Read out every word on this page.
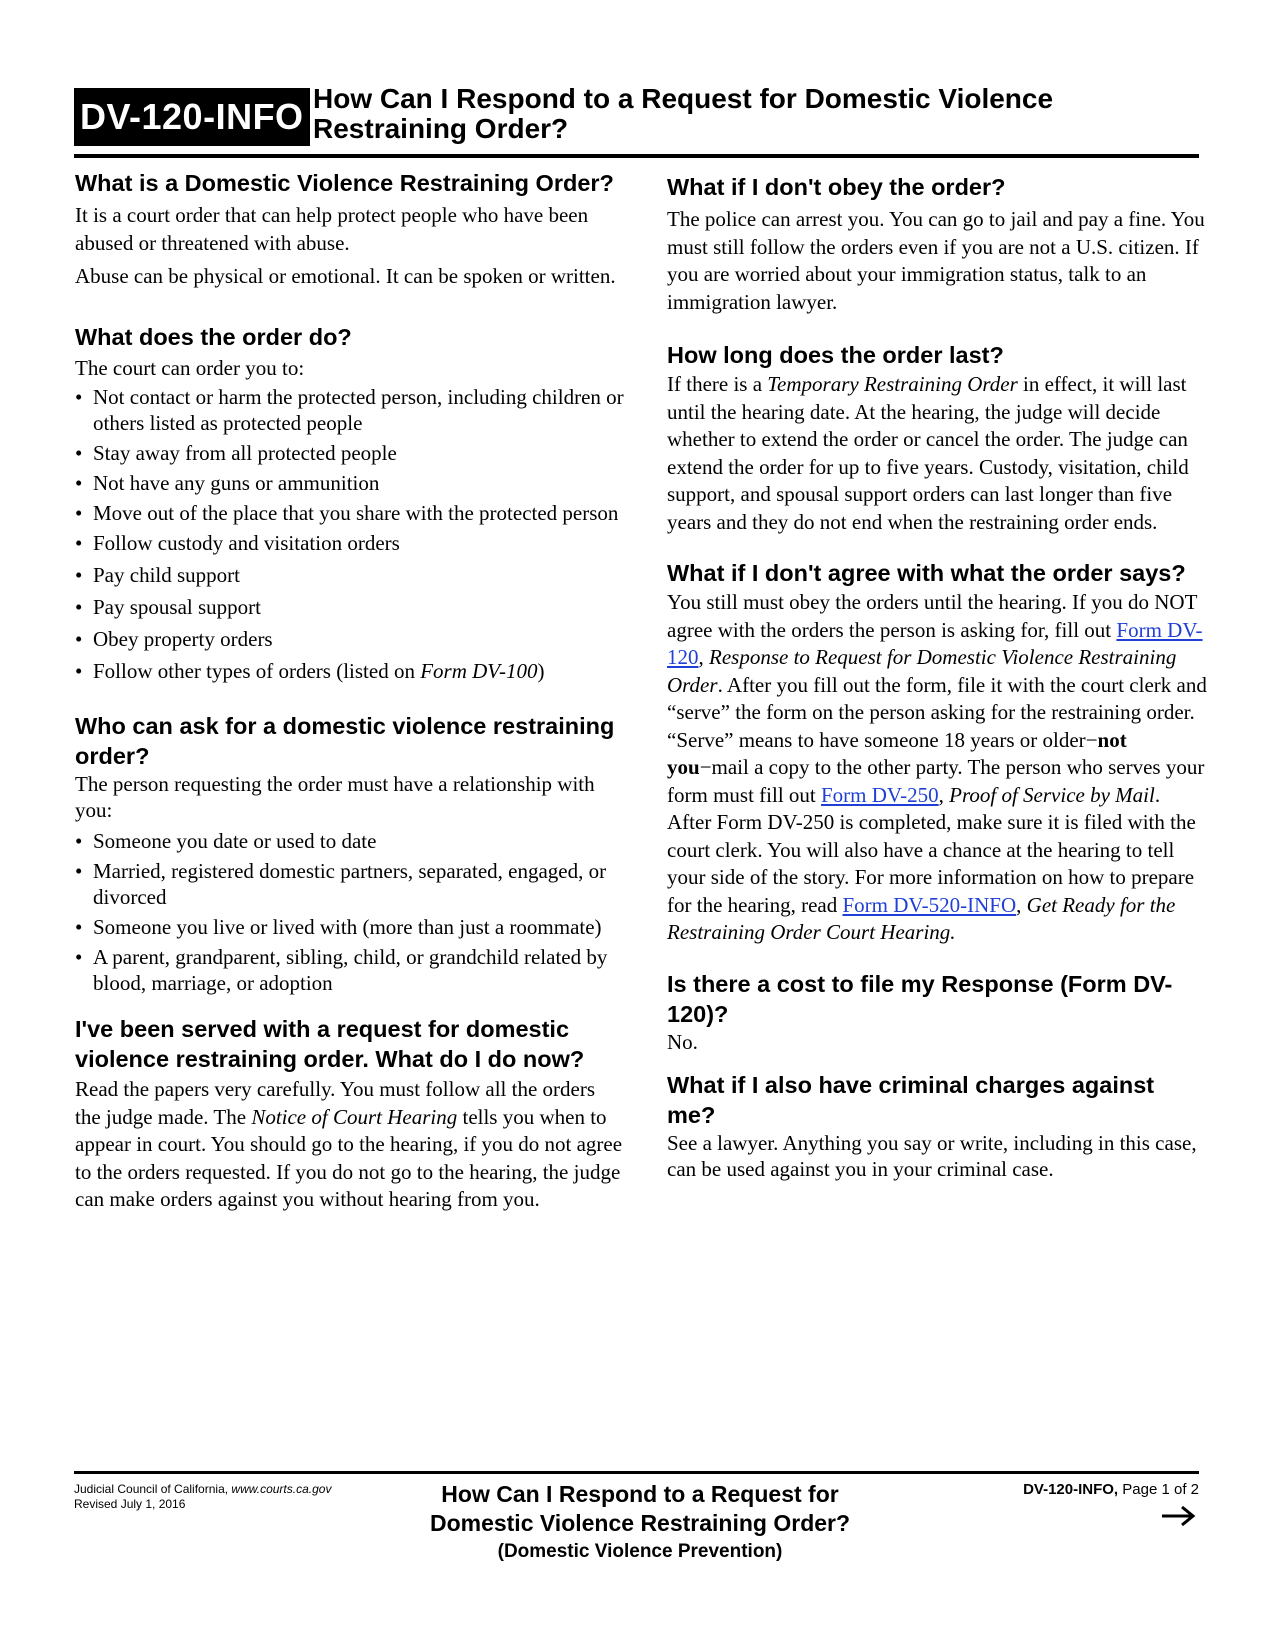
DV-120-INFO How Can I Respond to a Request for Domestic Violence
Restraining Order?
What is a Domestic Violence Restraining Order?

It is a court order that can help protect people who have been abused or threatened with abuse.

Abuse can be physical or emotional. It can be spoken or written.

What does the order do?

The court can order you to:

• Not contact or harm the protected person, including children or others listed as protected people
• Stay away from all protected people
• Not have any guns or ammunition
• Move out of the place that you share with the protected person
• Follow custody and visitation orders
• Pay child support
• Pay spousal support
• Obey property orders
• Follow other types of orders (listed on Form DV-100)
Who can ask for a domestic violence restraining order?

The person requesting the order must have a relationship with you:

• Someone you date or used to date
• Married, registered domestic partners, separated, engaged, or divorced
• Someone you live or lived with (more than just a roommate)
• A parent, grandparent, sibling, child, or grandchild related by blood, marriage, or adoption
I've been served with a request for domestic violence restraining order. What do I do now?

Read the papers very carefully. You must follow all the orders the judge made. The Notice of Court Hearing tells you when to appear in court. You should go to the hearing, if you do not agree to the orders requested. If you do not go to the hearing, the judge can make orders against you without hearing from you.

What if I don't obey the order?

The police can arrest you. You can go to jail and pay a fine. You must still follow the orders even if you are not a U.S. citizen. If you are worried about your immigration status, talk to an immigration lawyer.

How long does the order last?

If there is a Temporary Restraining Order in effect, it will last until the hearing date. At the hearing, the judge will decide whether to extend the order or cancel the order. The judge can extend the order for up to five years. Custody, visitation, child support, and spousal support orders can last longer than five years and they do not end when the restraining order ends.

What if I don't agree with what the order says?

You still must obey the orders until the hearing. If you do NOT agree with the orders the person is asking for, fill out Form DV-120, Response to Request for Domestic Violence Restraining Order. After you fill out the form, file it with the court clerk and “serve” the form on the person asking for the restraining order. “Serve” means to have someone 18 years or older−not you−mail a copy to the other party. The person who serves your form must fill out Form DV-250, Proof of Service by Mail. After Form DV-250 is completed, make sure it is filed with the court clerk. You will also have a chance at the hearing to tell your side of the story. For more information on how to prepare for the hearing, read Form DV-520-INFO, Get Ready for the Restraining Order Court Hearing.

Is there a cost to file my Response (Form DV-120)?

No.

What if I also have criminal charges against me?

See a lawyer. Anything you say or write, including in this case, can be used against you in your criminal case.

Judicial Council of California, www.courts.ca.gov
Revised July 1, 2016	How Can I Respond to a Request for
Domestic Violence Restraining Order?
(Domestic Violence Prevention)
DV-120-INFO, Page 1 of 2
